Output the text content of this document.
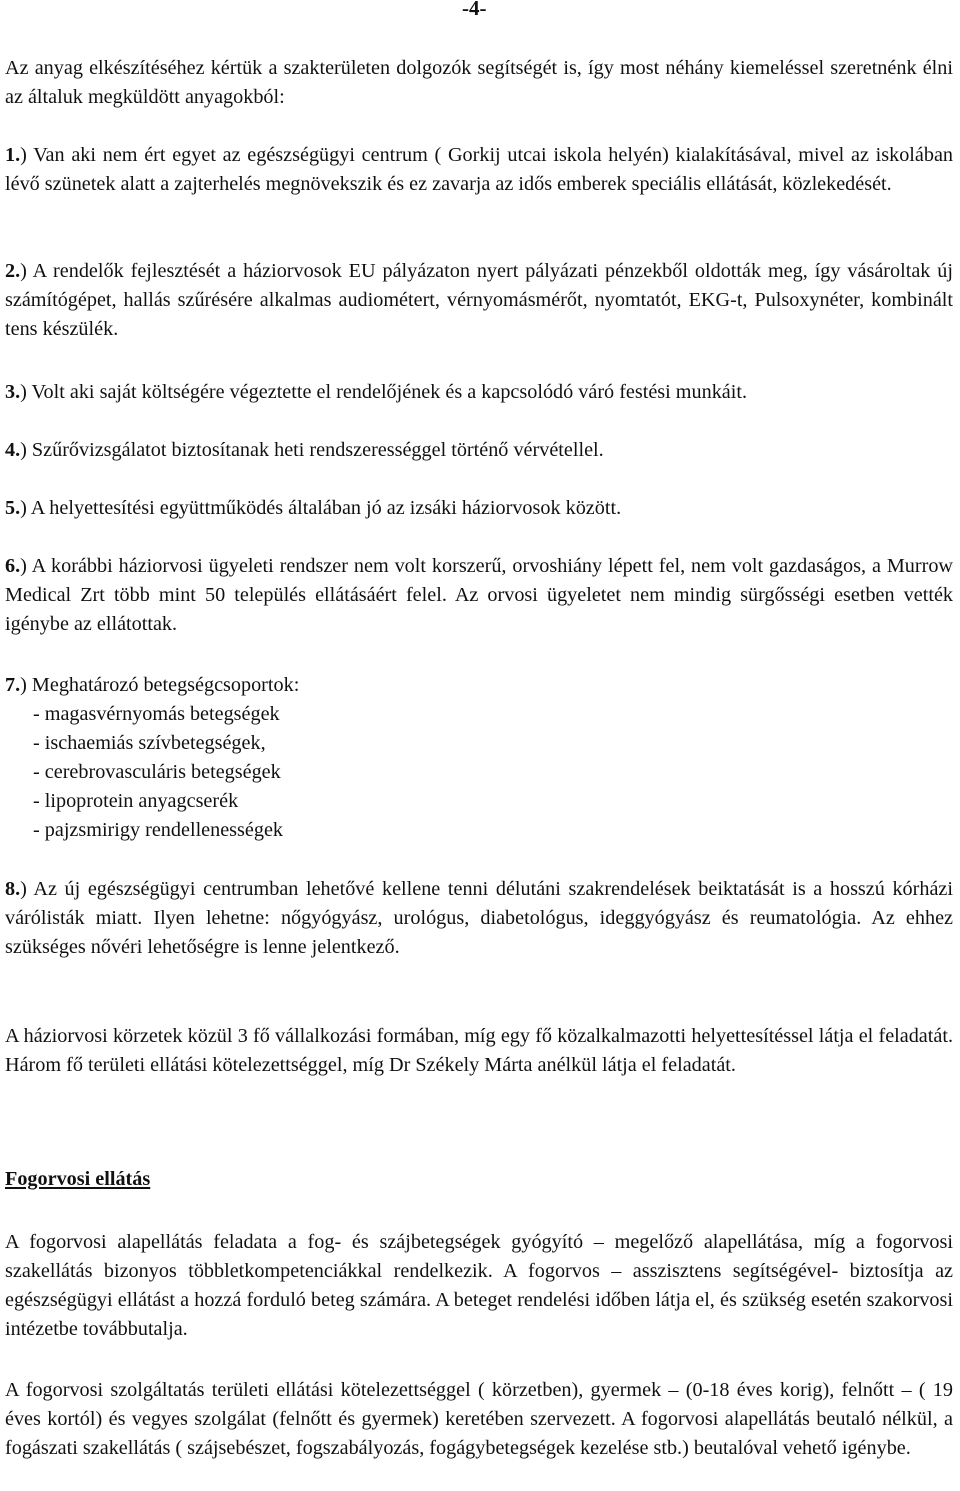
-4-

Az anyag elkészítéséhez kértük a szakterületen dolgozók segítségét is, így most néhány kiemeléssel szeretnénk élni az általuk megküldött anyagokból:

1.) Van aki nem ért egyet az egészségügyi centrum ( Gorkij utcai iskola helyén) kialakításával, mivel az iskolában lévő szünetek alatt a zajterhelés megnövekszik és ez zavarja az idős emberek speciális ellátását, közlekedését.

2.) A rendelők fejlesztését a háziorvosok EU pályázaton nyert pályázati pénzekből oldották meg, így vásároltak új számítógépet, hallás szűrésére alkalmas audiométert, vérnyomásmérőt, nyomtatót, EKG-t, Pulsoxynéter, kombinált tens készülék.

3.) Volt aki saját költségére végeztette el rendelőjének és a kapcsolódó váró festési munkáit.

4.) Szűrővizsgálatot biztosítanak heti rendszerességgel történő vérvétellel.

5.) A helyettesítési együttműködés általában jó az izsáki háziorvosok között.

6.) A korábbi háziorvosi ügyeleti rendszer nem volt korszerű, orvoshiány lépett fel, nem volt gazdaságos, a Murrow Medical Zrt több mint 50 település ellátásáért felel. Az orvosi ügyeletet nem mindig sürgősségi esetben vették igénybe az ellátottak.

7.) Meghatározó betegségcsoportok:

- magasvérnyomás betegségek
- ischaemiás szívbetegségek,
- cerebrovasculáris betegségek
- lipoprotein anyagcserék
- pajzsmirigy rendellenességek

8.) Az új egészségügyi centrumban lehetővé kellene tenni délutáni szakrendelések beiktatását is a hosszú kórházi várólisták miatt. Ilyen lehetne: nőgyógyász, urológus, diabetológus, ideggyógyász és reumatológia. Az ehhez szükséges nővéri lehetőségre is lenne jelentkező.

A háziorvosi körzetek közül 3 fő vállalkozási formában, míg egy fő közalkalmazotti helyettesítéssel látja el feladatát. Három fő területi ellátási kötelezettséggel, míg Dr Székely Márta anélkül látja el feladatát.

Fogorvosi ellátás

A fogorvosi alapellátás feladata a fog- és szájbetegségek gyógyító – megelőző alapellátása, míg a fogorvosi szakellátás bizonyos többletkompetenciákkal rendelkezik. A fogorvos – asszisztens segítségével- biztosítja az egészségügyi ellátást a hozzá forduló beteg számára. A beteget rendelési időben látja el, és szükség esetén szakorvosi intézetbe továbbutalja.

A fogorvosi szolgáltatás területi ellátási kötelezettséggel ( körzetben), gyermek – (0-18 éves korig), felnőtt – ( 19 éves kortól) és vegyes szolgálat (felnőtt és gyermek) keretében szervezett. A fogorvosi alapellátás beutaló nélkül, a fogászati szakellátás ( szájsebészet, fogszabályozás, fogágybetegségek kezelése stb.) beutalóval vehető igénybe.
